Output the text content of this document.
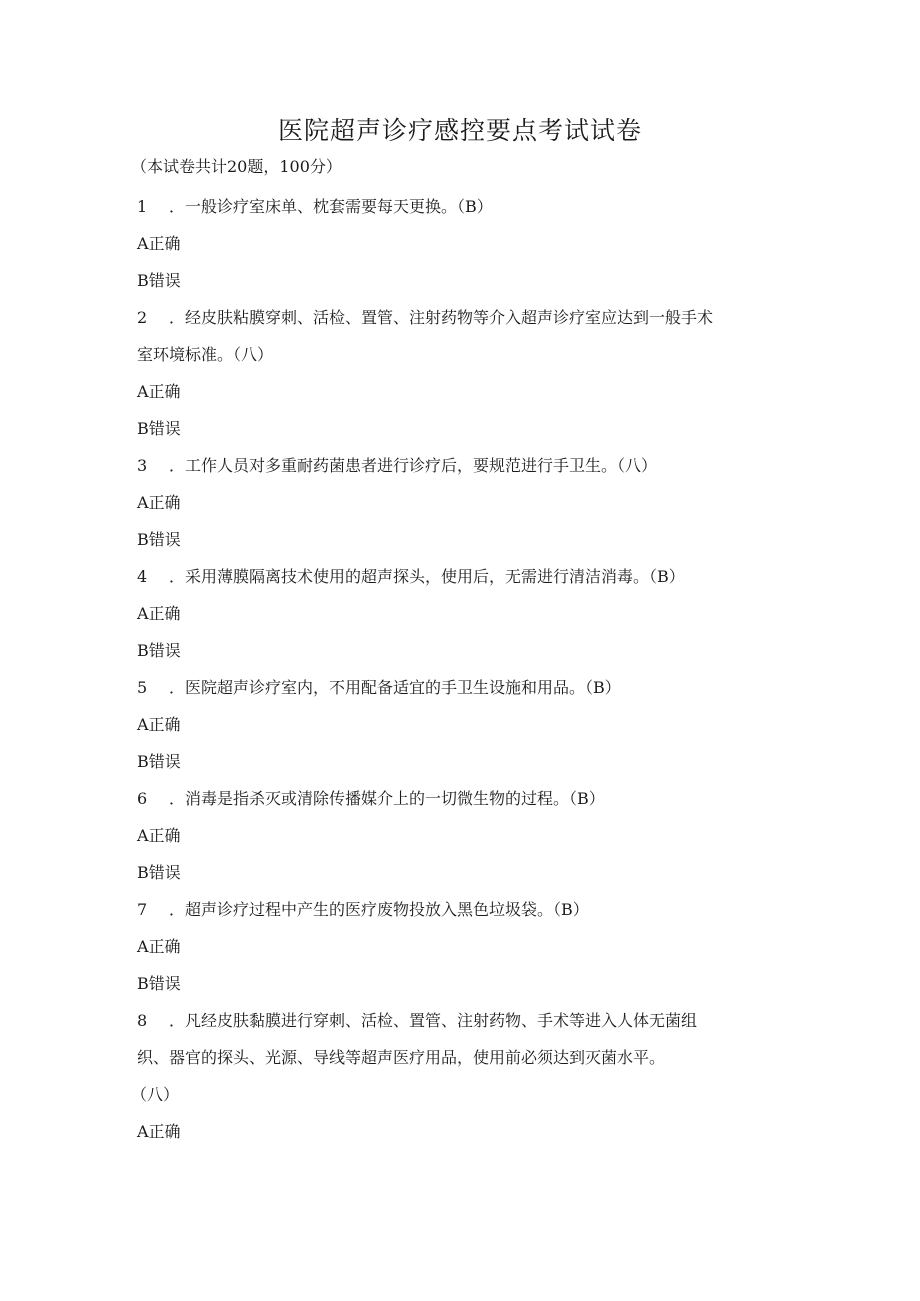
医院超声诊疗感控要点考试试卷
（本试卷共计20题，100分）
1 ．一般诊疗室床单、枕套需要每天更换。（B）
A正确
B错误
2 ．经皮肤粘膜穿刺、活检、置管、注射药物等介入超声诊疗室应达到一般手术
室环境标准。（八）
A正确
B错误
3 ．工作人员对多重耐药菌患者进行诊疗后，要规范进行手卫生。（八）
A正确
B错误
4 ．采用薄膜隔离技术使用的超声探头，使用后，无需进行清洁消毒。（B）
A正确
B错误
5 ．医院超声诊疗室内，不用配备适宜的手卫生设施和用品。（B）
A正确
B错误
6 ．消毒是指杀灭或清除传播媒介上的一切微生物的过程。（B）
A正确
B错误
7 ．超声诊疗过程中产生的医疗废物投放入黑色垃圾袋。（B）
A正确
B错误
8 ．凡经皮肤黏膜进行穿刺、活检、置管、注射药物、手术等进入人体无菌组
织、器官的探头、光源、导线等超声医疗用品，使用前必须达到灭菌水平。
（八）
A正确
